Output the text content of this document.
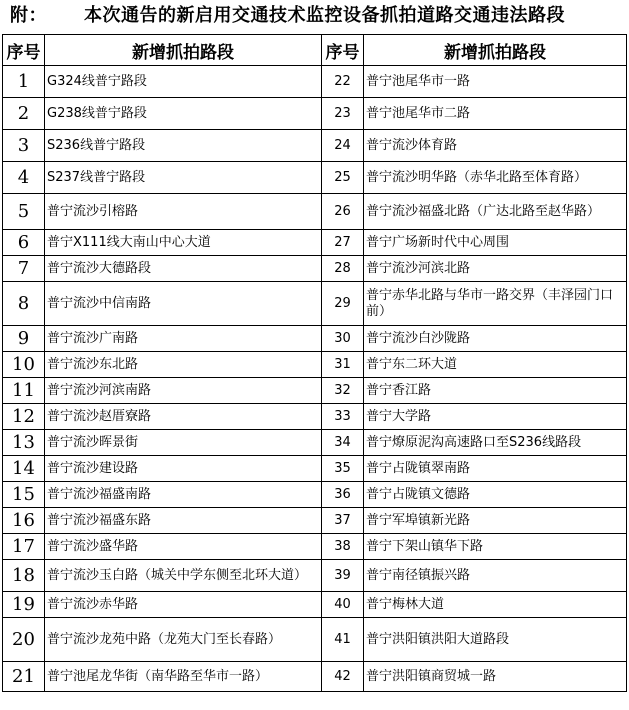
附： 本次通告的新启用交通技术监控设备抓拍道路交通违法路段
序号	新增抓拍路段	序号	新增抓拍路段
1	G324线普宁路段	22	普宁池尾华市一路
2	G238线普宁路段	23	普宁池尾华市二路
3	S236线普宁路段	24	普宁流沙体育路
4	S237线普宁路段	25	普宁流沙明华路（赤华北路至体育路）
5	普宁流沙引榕路	26	普宁流沙福盛北路（广达北路至赵华路）
6	普宁X111线大南山中心大道	27	普宁广场新时代中心周围
7	普宁流沙大德路段	28	普宁流沙河滨北路
8	普宁流沙中信南路	29	普宁赤华北路与华市一路交界（丰泽园门口前）
9	普宁流沙广南路	30	普宁流沙白沙陇路
10	普宁流沙东北路	31	普宁东二环大道
11	普宁流沙河滨南路	32	普宁香江路
12	普宁流沙赵厝寮路	33	普宁大学路
13	普宁流沙晖景街	34	普宁燎原泥沟高速路口至S236线路段
14	普宁流沙建设路	35	普宁占陇镇翠南路
15	普宁流沙福盛南路	36	普宁占陇镇文德路
16	普宁流沙福盛东路	37	普宁军埠镇新光路
17	普宁流沙盛华路	38	普宁下架山镇华下路
18	普宁流沙玉白路（城关中学东侧至北环大道）	39	普宁南径镇振兴路
19	普宁流沙赤华路	40	普宁梅林大道
20	普宁流沙龙苑中路（龙苑大门至长春路）	41	普宁洪阳镇洪阳大道路段
21	普宁池尾龙华街（南华路至华市一路）	42	普宁洪阳镇商贸城一路
